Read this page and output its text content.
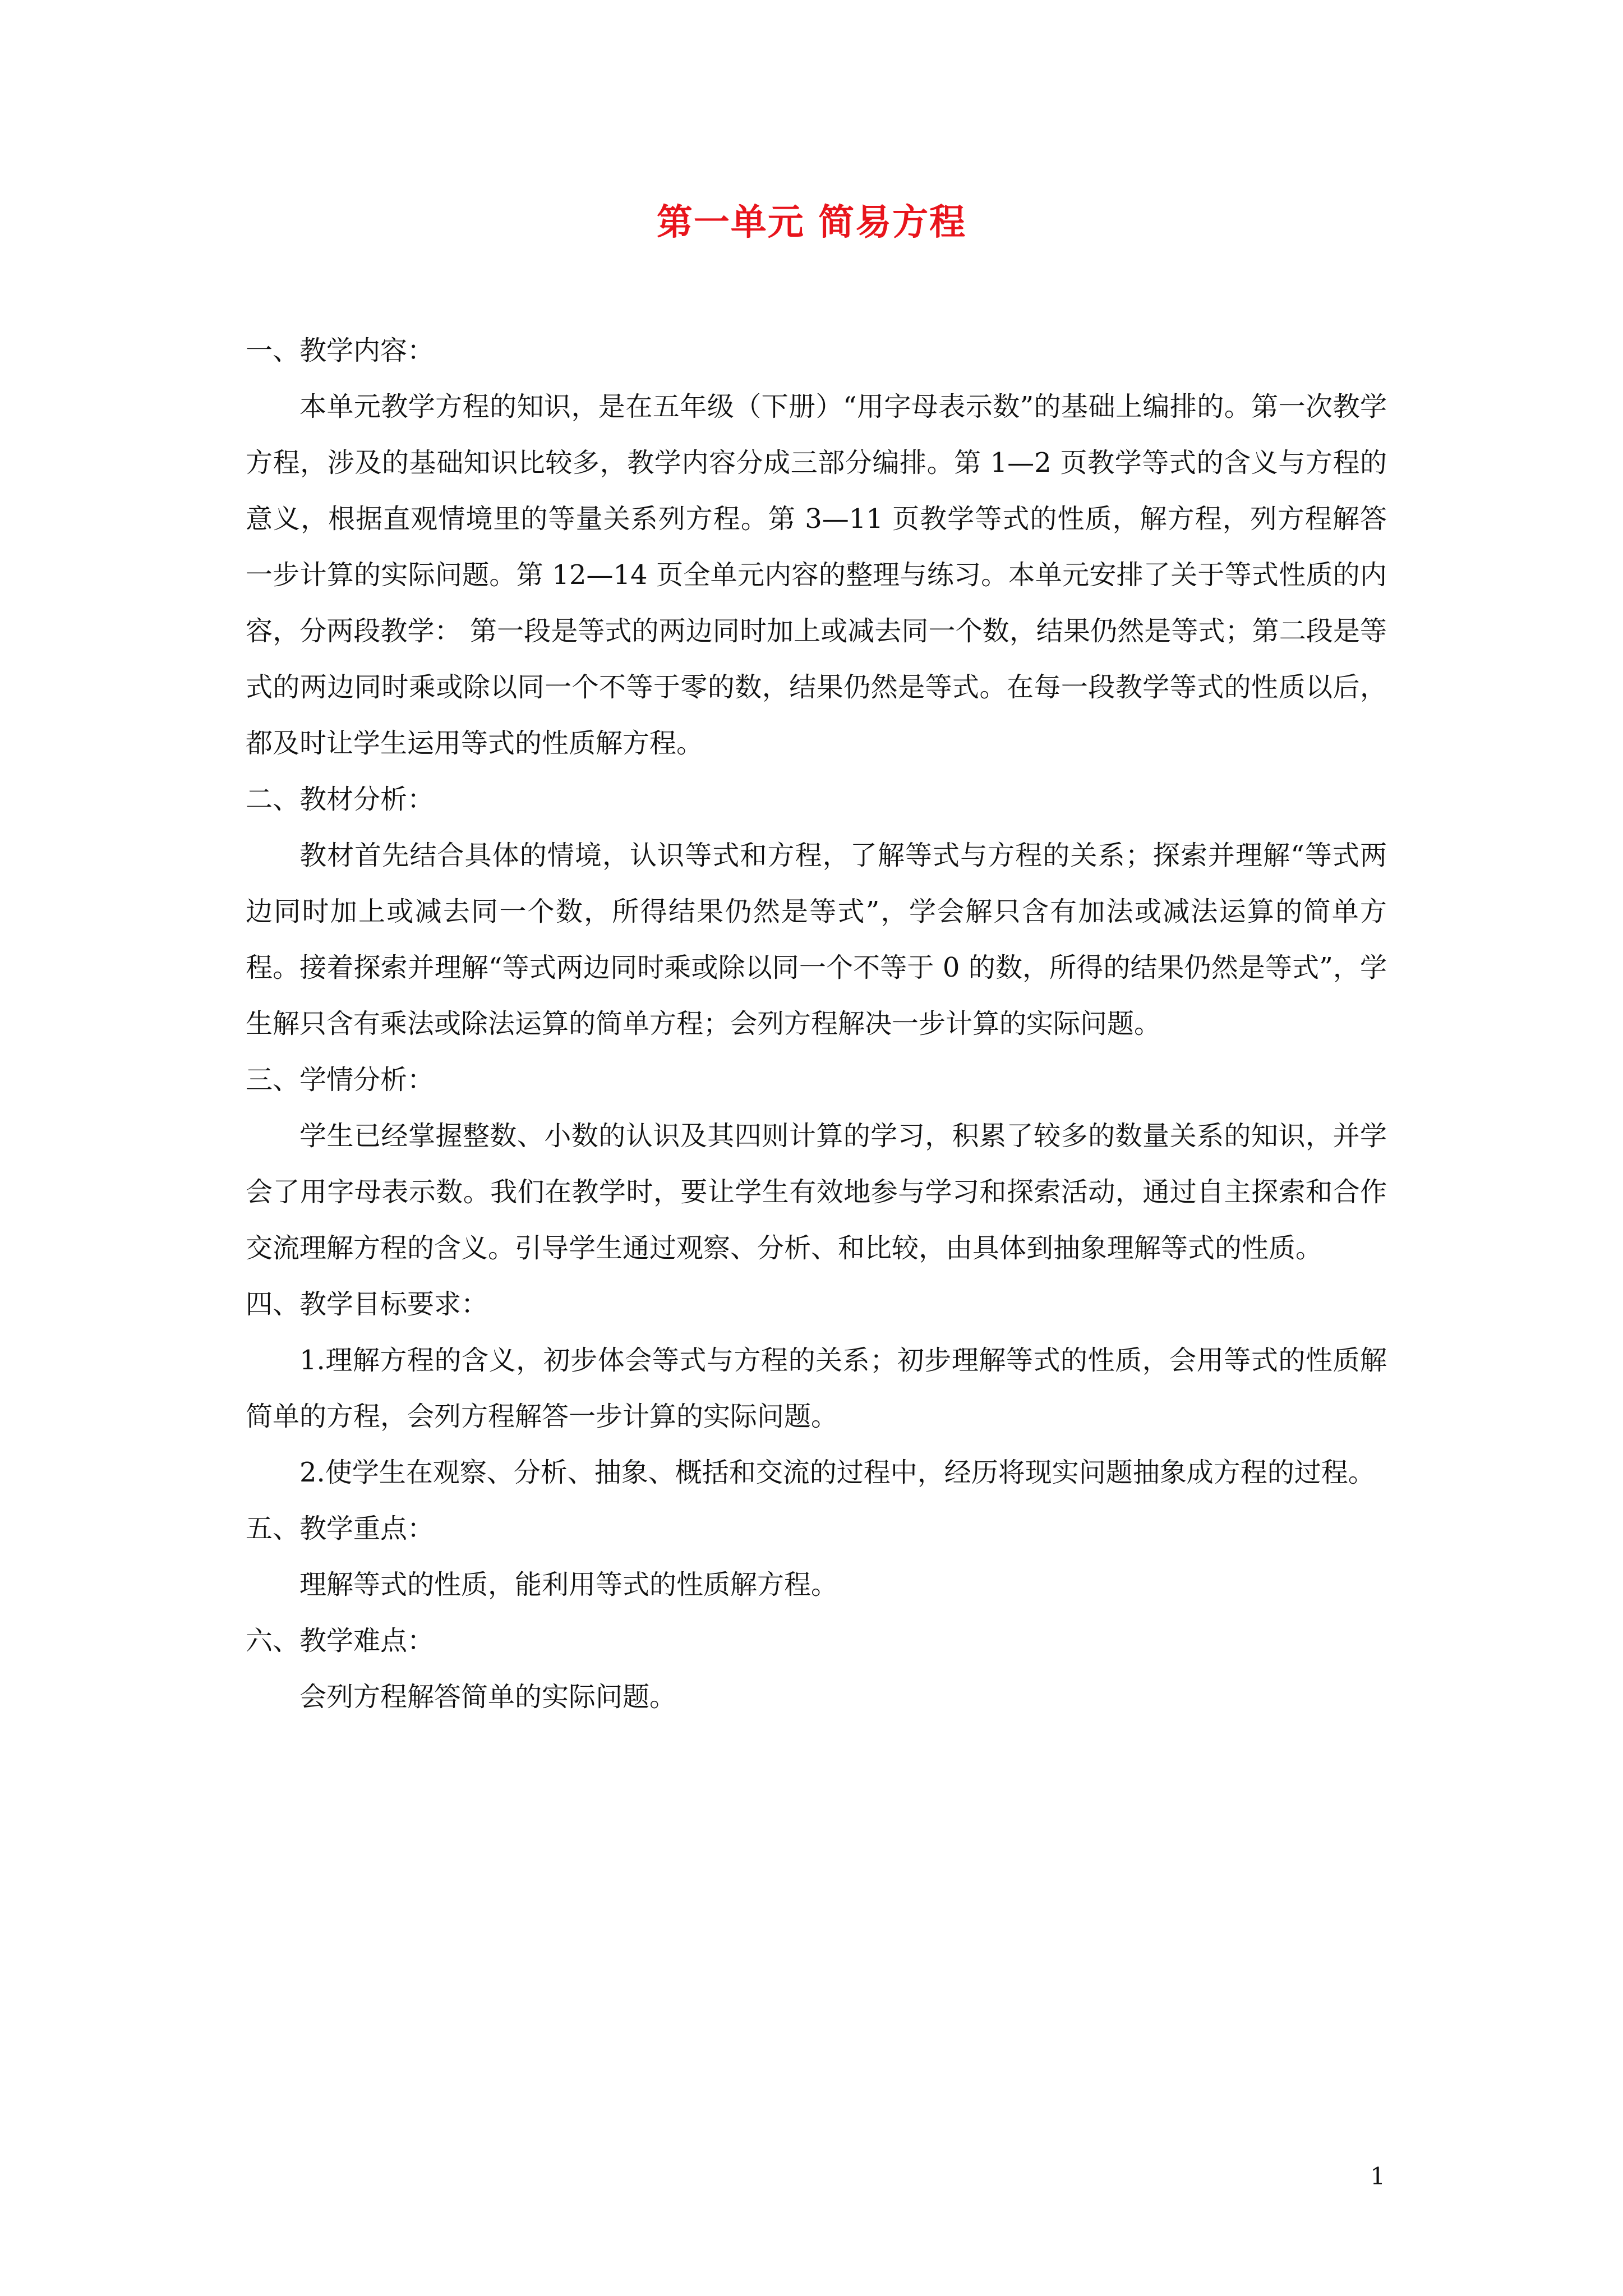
第一单元 简易方程

一、教学内容：

本单元教学方程的知识，是在五年级（下册）“用字母表示数”的基础上编排的。第一次教学方程，涉及的基础知识比较多，教学内容分成三部分编排。第 1—2 页教学等式的含义与方程的意义，根据直观情境里的等量关系列方程。第 3—11 页教学等式的性质，解方程，列方程解答一步计算的实际问题。第 12—14 页全单元内容的整理与练习。本单元安排了关于等式性质的内容，分两段教学： 第一段是等式的两边同时加上或减去同一个数，结果仍然是等式；第二段是等式的两边同时乘或除以同一个不等于零的数，结果仍然是等式。在每一段教学等式的性质以后，都及时让学生运用等式的性质解方程。

二、教材分析：

教材首先结合具体的情境，认识等式和方程，了解等式与方程的关系；探索并理解“等式两边同时加上或减去同一个数，所得结果仍然是等式”，学会解只含有加法或减法运算的简单方程。接着探索并理解“等式两边同时乘或除以同一个不等于 0 的数，所得的结果仍然是等式”，学生解只含有乘法或除法运算的简单方程；会列方程解决一步计算的实际问题。

三、学情分析：

学生已经掌握整数、小数的认识及其四则计算的学习，积累了较多的数量关系的知识，并学会了用字母表示数。我们在教学时，要让学生有效地参与学习和探索活动，通过自主探索和合作交流理解方程的含义。引导学生通过观察、分析、和比较，由具体到抽象理解等式的性质。

四、教学目标要求：

1.理解方程的含义，初步体会等式与方程的关系；初步理解等式的性质，会用等式的性质解简单的方程，会列方程解答一步计算的实际问题。

2.使学生在观察、分析、抽象、概括和交流的过程中，经历将现实问题抽象成方程的过程。

五、教学重点：

理解等式的性质，能利用等式的性质解方程。

六、教学难点：

会列方程解答简单的实际问题。

1
